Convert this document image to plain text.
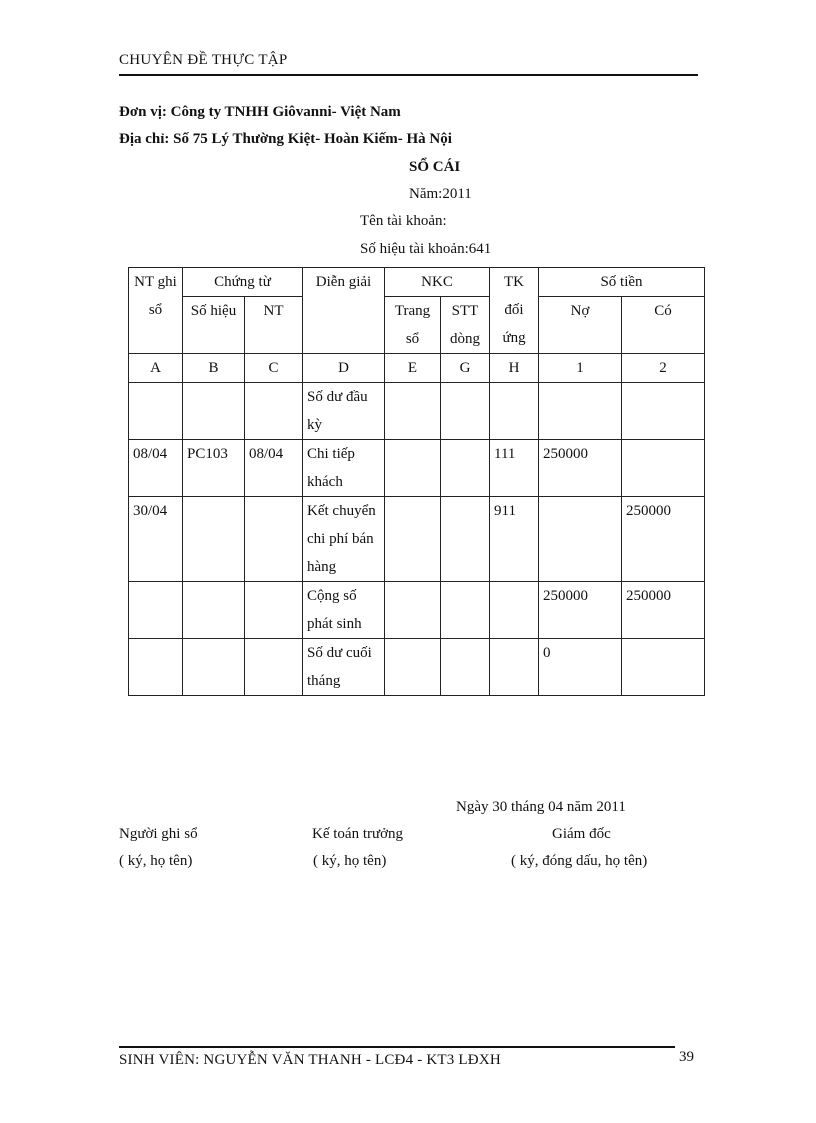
CHUYÊN ĐỀ THỰC TẬP
Đơn vị: Công ty TNHH Giôvanni- Việt Nam
Địa chỉ: Số 75 Lý Thường Kiệt- Hoàn Kiếm- Hà Nội
SỔ CÁI
Năm:2011
Tên tài khoản:
Số hiệu tài khoản:641
NT ghi sổ	Chứng từ		Diễn giải	NKC		TK đối ứng	Số tiền	
	Số hiệu	NT		Trang sổ	STT dòng		Nợ	Có

A	B	C	D	E	G	H	1	2
			Số dư đầu kỳ					
08/04	PC103	08/04	Chi tiếp khách			111	250000	
30/04			Kết chuyển chi phí bán hàng			911		250000
			Cộng số phát sinh				250000	250000
			Số dư cuối tháng				0	
Ngày 30 tháng 04 năm 2011
Người ghi sổ
( ký, họ tên)
Kế toán trưởng
( ký, họ tên)
Giám đốc
( ký, đóng dấu, họ tên)
SINH VIÊN: NGUYỄN VĂN THANH - LCĐ4 - KT3 LĐXH	39
